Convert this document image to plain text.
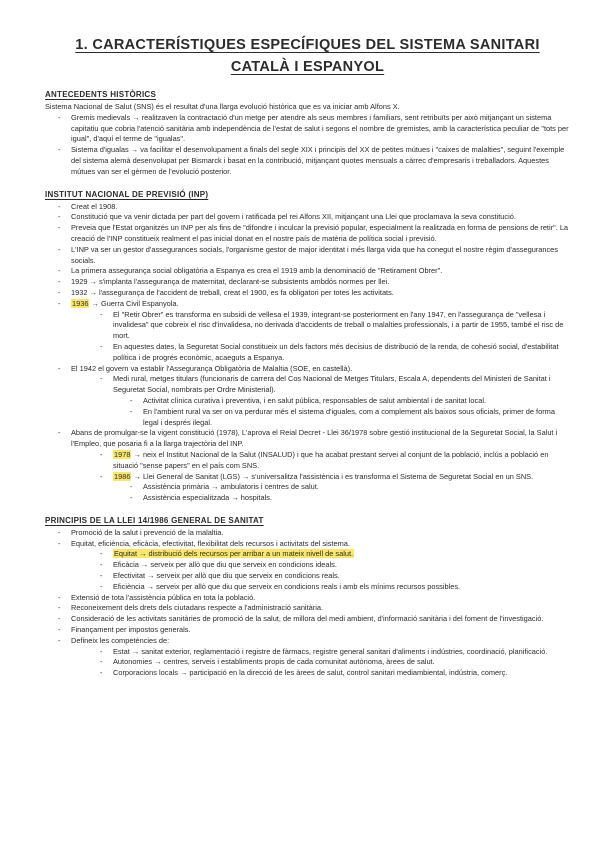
1. CARACTERÍSTIQUES ESPECÍFIQUES DEL SISTEMA SANITARI
CATALÀ I ESPANYOL
ANTECEDENTS HISTÒRICS
Sistema Nacional de Salut (SNS) és el resultat d'una llarga evolució històrica que es va iniciar amb Alfons X.
-	Gremis medievals → realitzaven la contractació d'un metge per atendre als seus membres i familiars, sent retribuïts per això mitjançant un sistema capitatiu que cobria l'atenció sanitària amb independència de l'estat de salut i segons el nombre de gremistes, amb la característica peculiar de "tots per igual", d'aquí el terme de "igualas".
-	Sistema d'igualas → va facilitar el desenvolupament a finals del segle XIX i principis del XX de petites mútues i "caixes de malalties", seguint l'exemple del sistema alemà desenvolupat per Bismarck i basat en la contribució, mitjançant quotes mensuals a càrrec d'empresaris i treballadors. Aquestes mútues van ser el gèrmen de l'evolució posterior.
INSTITUT NACIONAL DE PREVISIÓ (INP)
-	Creat el 1908.
-	Constitució que va venir dictada per part del govern i ratificada pel rei Alfons XII, mitjançant una Llei que proclamava la seva constitució.
-	Preveia que l'Estat organitzés un INP per als fins de "difondre i inculcar la previsió popular, especialment la realitzada en forma de pensions de retir". La creació de l'INP constitueix realment el pas inicial donat en el nostre país de matèria de política social i previsió.
-	L'INP va ser un gestor d'assegurances socials, l'organisme gestor de major identitat i més llarga vida que ha conegut el nostre règim d'assegurances socials.
-	La primera assegurança social obligatòria a Espanya es crea el 1919 amb la denominació de "Retirament Obrer".
-	1929 → s'implanta l'assegurança de maternitat, declarant-se subsistents ambdós normes per llei.
-	1932 → l'assegurança de l'accident de treball, creat el 1900, es fa obligatori per totes les activitats.
-	1936 → Guerra Civil Espanyola.
-	El "Retir Obrer" es transforma en subsidi de vellesa el 1939, integrant-se posteriorment en l'any 1947, en l'assegurança de "vellesa i invalidesa" que cobreix el risc d'invalidesa, no derivada d'accidents de treball o malalties professionals, i a partir de 1955, també el risc de mort.
-	En aquestes dates, la Seguretat Social constitueix un dels factors més decisius de distribució de la renda, de cohesió social, d'estabilitat política i de progrés econòmic, acaeguts a Espanya.
-	El 1942 el govern va establir l'Assegurança Obligatòria de Malaltia (SOE, en castellà).
-	Medi rural, metges titulars (funcionaris de carrera del Cos Nacional de Metges Titulars, Escala A, dependents del Ministeri de Sanitat i Seguretat Social, nombrats per Ordre Ministerial).
-	Activitat clínica curativa i preventiva, i en salut pública, responsables de salut ambiental i de sanitat local.
-	En l'ambient rural va ser on va perdurar més el sistema d'iguales, com a complement als baixos sous oficials, primer de forma legal i després ilegal.
-	Abans de promulgar-se la vigent constitució (1978), L'aprova el Reial Decret - Llei 36/1978 sobre gestió institucional de la Seguretat Social, la Salut i l'Empleo, que posaria fi a la llarga trajectòria del INP.
-	1978 → neix el Institut Nacional de la Salut (INSALUD) i que ha acabat prestant servei al conjunt de la població, inclús a població en situació "sense papers" en el país com SNS.
-	1986 → Llei General de Sanitat (LGS) → s'universalitza l'assistència i es transforma el Sistema de Seguretat Social en un SNS.
-	Assistència primària → ambulatoris i centres de salut.
-	Assistència especialitzada → hospitals.
PRINCIPIS DE LA LLEI 14/1986 GENERAL DE SANITAT
-	Promoció de la salut i prevenció de la malaltia.
-	Equitat, eficiència, eficàcia, efectivitat, flexibilitat dels recursos i activitats del sistema.
-	Equitat → distribució dels recursos per arribar a un mateix nivell de salut.
-	Eficàcia → serveix per allò que diu que serveix en condicions ideals.
-	Efectivitat → serveix per allò que diu que serveix en condicions reals.
-	Eficiència → serveix per allò que diu que serveix en condicions reals i amb els mínims recursos possibles.
-	Extensió de tota l'assistència pública en tota la població.
-	Reconeixement dels drets dels ciutadans respecte a l'administració sanitària.
-	Consideració de les activitats sanitàries de promoció de la salut, de millora del medi ambient, d'informació sanitària i del foment de l'investigació.
-	Finançament per impostos generals.
-	Defineix les competències de:
-	Estat → sanitat exterior, reglamentació i registre de fàrmacs, registre general sanitari d'aliments i indústries, coordinació, planificació.
-	Autonomies → centres, serveis i establiments propis de cada comunitat autònoma, àrees de salut.
-	Corporacions locals → participació en la direcció de les àrees de salut, control sanitari mediambiental, indústria, comerç.
